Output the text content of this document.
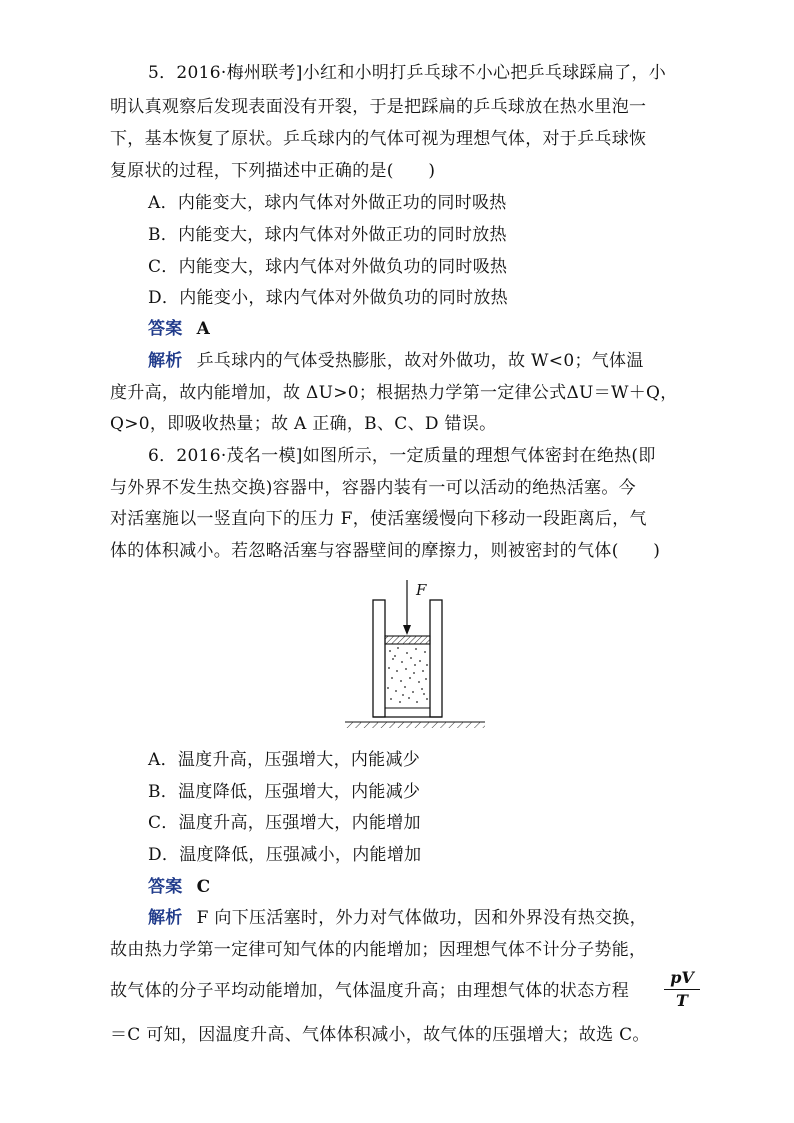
5．2016·梅州联考]小红和小明打乒乓球不小心把乒乓球踩扁了，小
明认真观察后发现表面没有开裂，于是把踩扁的乒乓球放在热水里泡一
下，基本恢复了原状。乒乓球内的气体可视为理想气体，对于乒乓球恢
复原状的过程，下列描述中正确的是(　　)
A．内能变大，球内气体对外做正功的同时吸热
B．内能变大，球内气体对外做正功的同时放热
C．内能变大，球内气体对外做负功的同时吸热
D．内能变小，球内气体对外做负功的同时放热
答案 A
解析 乒乓球内的气体受热膨胀，故对外做功，故 W<0；气体温
度升高，故内能增加，故 ΔU>0；根据热力学第一定律公式ΔU＝W＋Q，
Q>0，即吸收热量；故 A 正确，B、C、D 错误。
6．2016·茂名一模]如图所示，一定质量的理想气体密封在绝热(即
与外界不发生热交换)容器中，容器内装有一可以活动的绝热活塞。今
对活塞施以一竖直向下的压力 F，使活塞缓慢向下移动一段距离后，气
体的体积减小。若忽略活塞与容器壁间的摩擦力，则被密封的气体(　　)
F
A．温度升高，压强增大，内能减少
B．温度降低，压强增大，内能减少
C．温度升高，压强增大，内能增加
D．温度降低，压强减小，内能增加
答案 C
解析 F 向下压活塞时，外力对气体做功，因和外界没有热交换，
故由热力学第一定律可知气体的内能增加；因理想气体不计分子势能，
故气体的分子平均动能增加，气体温度升高；由理想气体的状态方程
pV
T
＝C 可知，因温度升高、气体体积减小，故气体的压强增大；故选 C。
